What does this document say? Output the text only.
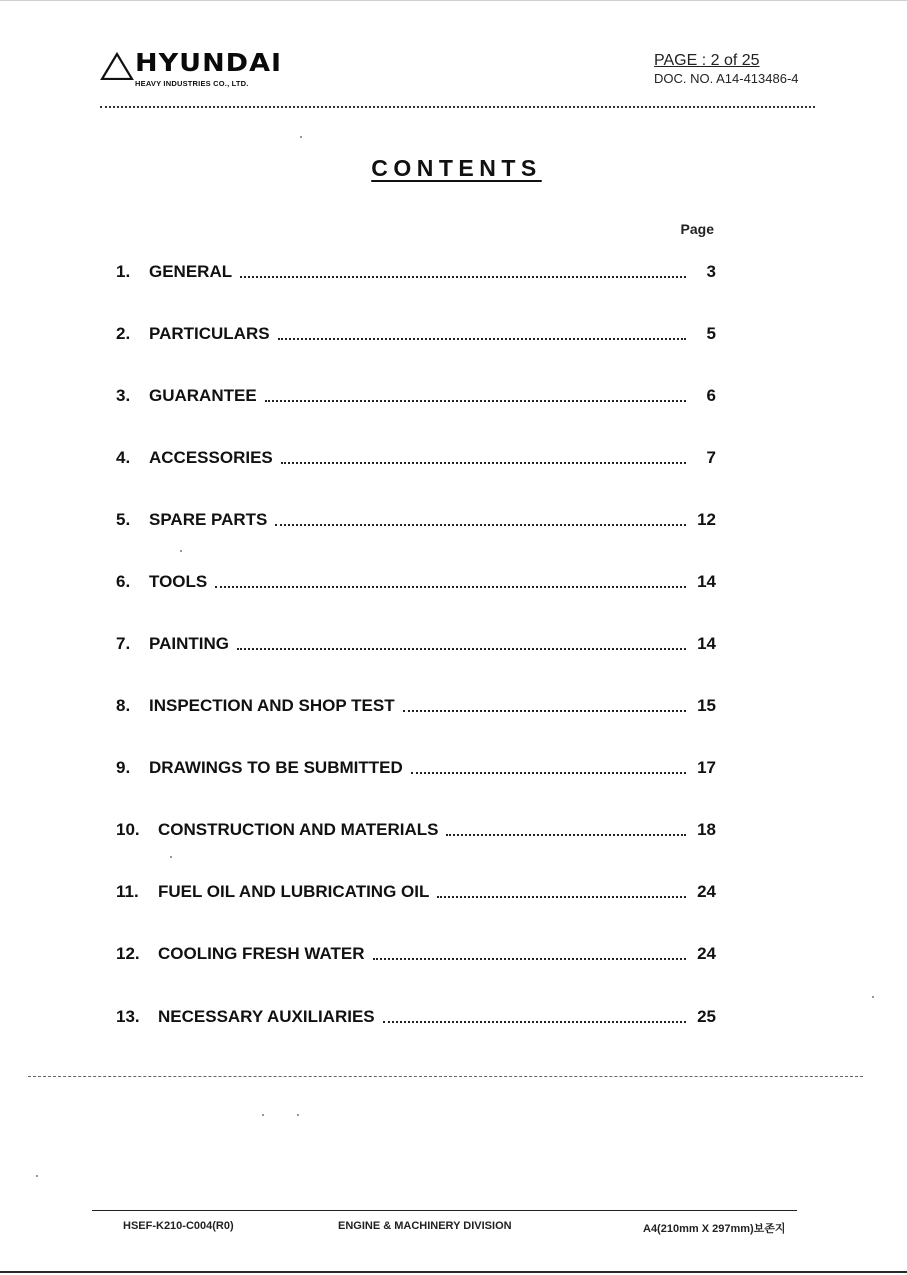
HYUNDAI
HEAVY INDUSTRIES CO., LTD.
PAGE : 2 of 25
DOC. NO. A14-413486-4
CONTENTS
Page
1.	GENERAL	3
2.	PARTICULARS	5
3.	GUARANTEE	6
4.	ACCESSORIES	7
5.	SPARE PARTS	12
6.	TOOLS	14
7.	PAINTING	14
8.	INSPECTION AND SHOP TEST	15
9.	DRAWINGS TO BE SUBMITTED	17
10.	CONSTRUCTION AND MATERIALS	18
11.	FUEL OIL AND LUBRICATING OIL	24
12.	COOLING FRESH WATER	24
13.	NECESSARY AUXILIARIES	25
HSEF-K210-C004(R0)	ENGINE & MACHINERY DIVISION	A4(210mm X 297mm)보존지
